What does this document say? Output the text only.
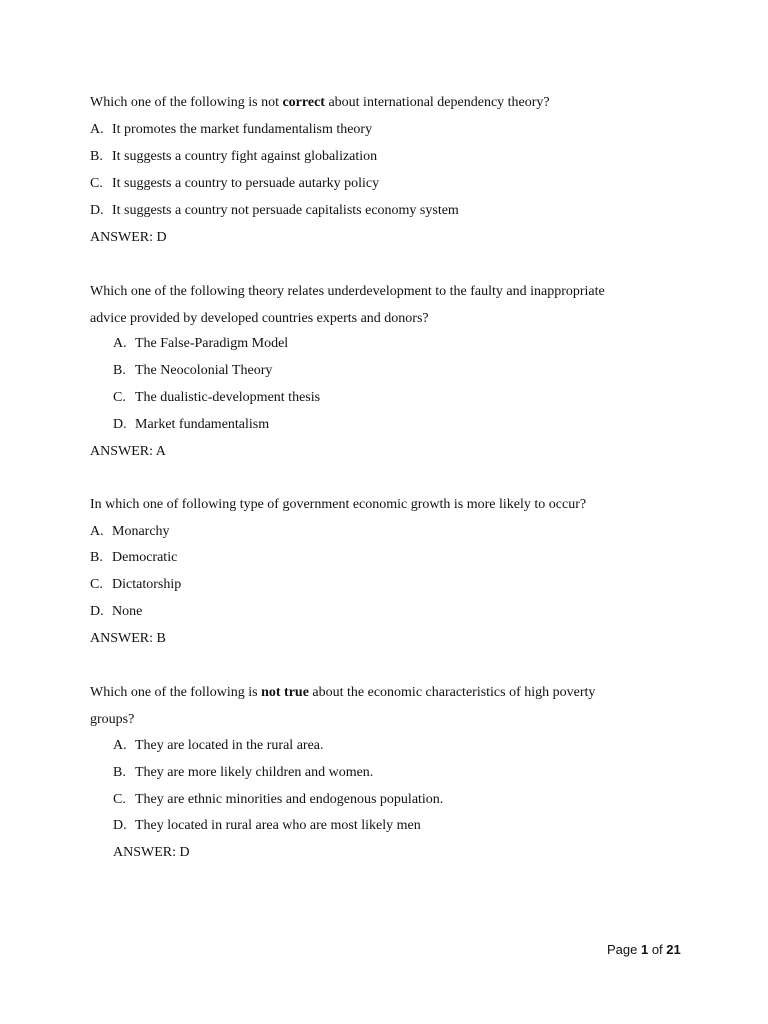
Which one of the following is not correct about international dependency theory?
A. It promotes the market fundamentalism theory
B. It suggests a country fight against globalization
C. It suggests a country to persuade autarky policy
D. It suggests a country not persuade capitalists economy system
ANSWER: D
Which one of the following theory relates underdevelopment to the faulty and inappropriate
advice provided by developed countries experts and donors?
A. The False-Paradigm Model
B. The Neocolonial Theory
C. The dualistic-development thesis
D. Market fundamentalism
ANSWER: A
In which one of following type of government economic growth is more likely to occur?
A. Monarchy
B. Democratic
C. Dictatorship
D. None
ANSWER: B
Which one of the following is not true about the economic characteristics of high poverty
groups?
A. They are located in the rural area.
B. They are more likely children and women.
C. They are ethnic minorities and endogenous population.
D. They located in rural area who are most likely men
ANSWER: D
Page 1 of 21
